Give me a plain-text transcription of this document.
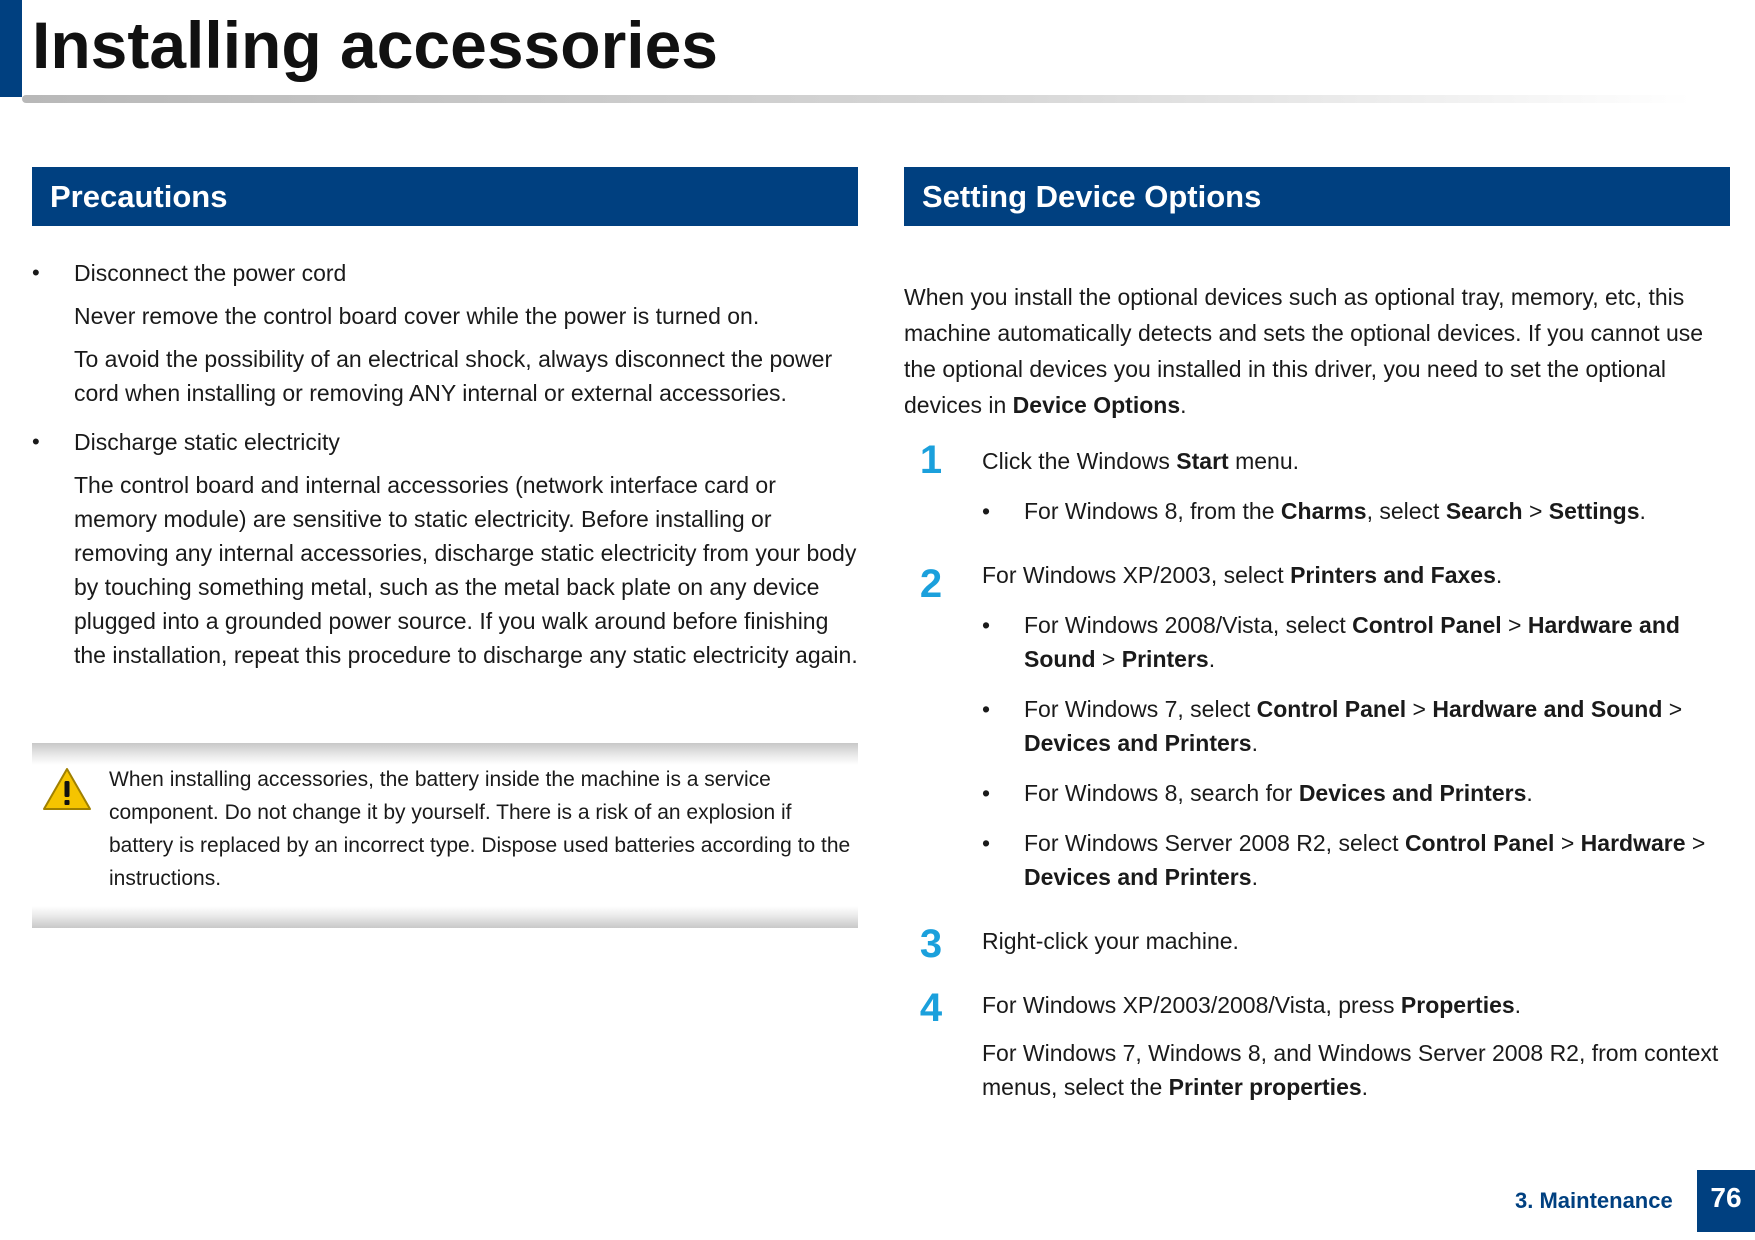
Installing accessories
Precautions
• Disconnect the power cord

Never remove the control board cover while the power is turned on.

To avoid the possibility of an electrical shock, always disconnect the power cord when installing or removing ANY internal or external accessories.

• Discharge static electricity

The control board and internal accessories (network interface card or memory module) are sensitive to static electricity. Before installing or removing any internal accessories, discharge static electricity from your body by touching something metal, such as the metal back plate on any device plugged into a grounded power source. If you walk around before finishing the installation, repeat this procedure to discharge any static electricity again.

When installing accessories, the battery inside the machine is a service component. Do not change it by yourself. There is a risk of an explosion if battery is replaced by an incorrect type. Dispose used batteries according to the instructions.
Setting Device Options

When you install the optional devices such as optional tray, memory, etc, this machine automatically detects and sets the optional devices. If you cannot use the optional devices you installed in this driver, you need to set the optional devices in Device Options.

1	Click the Windows Start menu.
• For Windows 8, from the Charms, select Search > Settings.
2	For Windows XP/2003, select Printers and Faxes.
• For Windows 2008/Vista, select Control Panel > Hardware and Sound > Printers.
• For Windows 7, select Control Panel > Hardware and Sound > Devices and Printers.
• For Windows 8, search for Devices and Printers.
• For Windows Server 2008 R2, select Control Panel > Hardware > Devices and Printers.
3	Right-click your machine.
4	For Windows XP/2003/2008/Vista, press Properties.

For Windows 7, Windows 8, and Windows Server 2008 R2, from context menus, select the Printer properties.

3. Maintenance	76
